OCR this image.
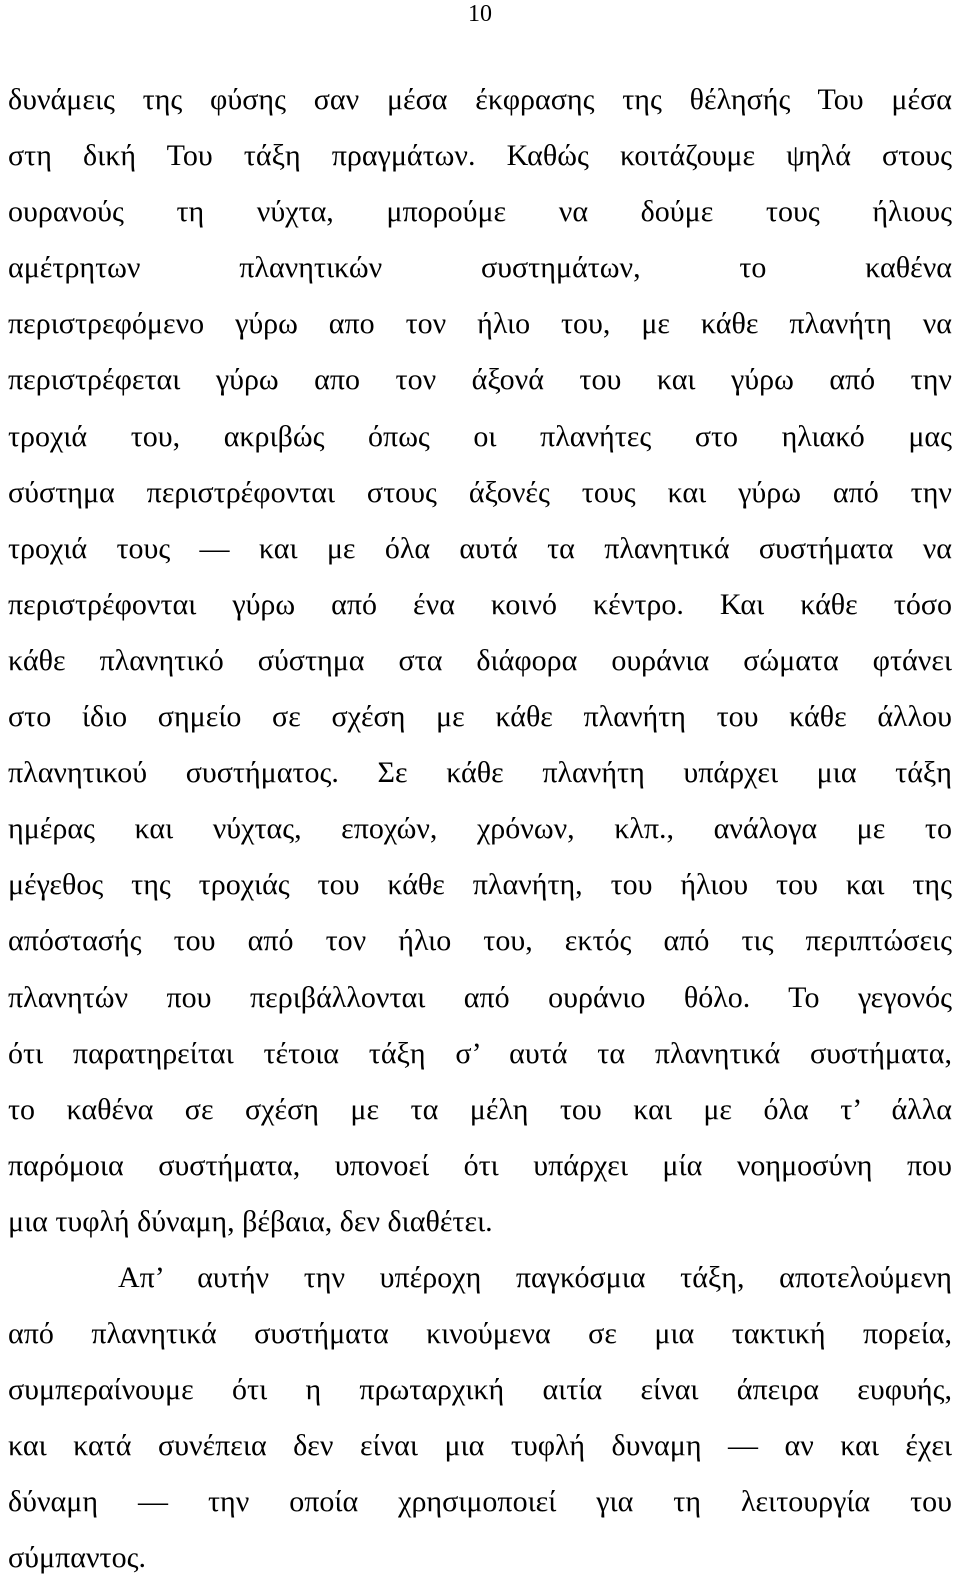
10
δυνάμεις της φύσης σαν μέσα έκφρασης της θέλησής Του μέσα
στη δική Του τάξη πραγμάτων. Καθώς κοιτάζουμε ψηλά στους
ουρανούς τη νύχτα, μπορούμε να δούμε τους ήλιους
αμέτρητων πλανητικών συστημάτων, το καθένα
περιστρεφόμενο γύρω απο τον ήλιο του, με κάθε πλανήτη να
περιστρέφεται γύρω απο τον άξονά του και γύρω από την
τροχιά του, ακριβώς όπως οι πλανήτες στο ηλιακό μας
σύστημα περιστρέφονται στους άξονές τους και γύρω από την
τροχιά τους — και με όλα αυτά τα πλανητικά συστήματα να
περιστρέφονται γύρω από ένα κοινό κέντρο. Και κάθε τόσο
κάθε πλανητικό σύστημα στα διάφορα ουράνια σώματα φτάνει
στο ίδιο σημείο σε σχέση με κάθε πλανήτη του κάθε άλλου
πλανητικού συστήματος. Σε κάθε πλανήτη υπάρχει μια τάξη
ημέρας και νύχτας, εποχών, χρόνων, κλπ., ανάλογα με το
μέγεθος της τροχιάς του κάθε πλανήτη, του ήλιου του και της
απόστασής του από τον ήλιο του, εκτός από τις περιπτώσεις
πλανητών που περιβάλλονται από ουράνιο θόλο. Το γεγονός
ότι παρατηρείται τέτοια τάξη σ’ αυτά τα πλανητικά συστήματα,
το καθένα σε σχέση με τα μέλη του και με όλα τ’ άλλα
παρόμοια συστήματα, υπονοεί ότι υπάρχει μία νοημοσύνη που
μια τυφλή δύναμη, βέβαια, δεν διαθέτει.
Απ’ αυτήν την υπέροχη παγκόσμια τάξη, αποτελούμενη
από πλανητικά συστήματα κινούμενα σε μια τακτική πορεία,
συμπεραίνουμε ότι η πρωταρχική αιτία είναι άπειρα ευφυής,
και κατά συνέπεια δεν είναι μια τυφλή δυναμη — αν και έχει
δύναμη — την οποία χρησιμοποιεί για τη λειτουργία του
σύμπαντος.
